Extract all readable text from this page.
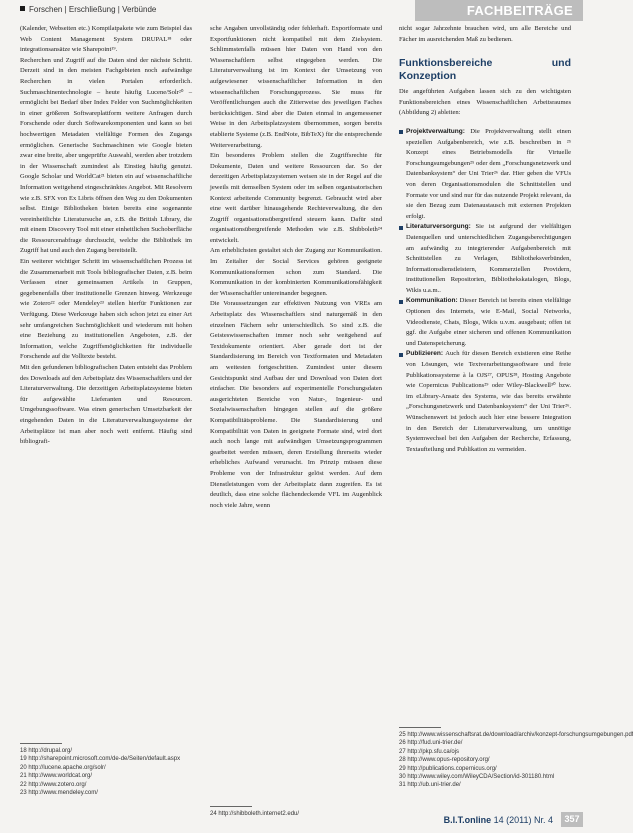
Forschen | Erschließung | Verbünde	FACHBEITRÄGE

(Kalender, Webseiten etc.) Kompilatpakete wie zum Beispiel das Web Content Management System DRUPAL¹⁸ oder integrationsansätze wie Sharepoint¹⁹.

Recherchen und Zugriff auf die Daten sind der nächste Schritt. Derzeit sind in den meisten Fachgebieten noch aufwändige Recherchen in vielen Portalen erforderlich. Suchmaschinentechnologie – heute häufig Lucene/Solr²⁰ – ermöglicht bei Bedarf über Index Felder von Suchmöglichkeiten in einer größeren Softwareplattform weitere Anfragen durch Forschende oder durch Softwarekomponenten und kann so bei hochwertigen Metadaten vielfältige Formen des Zugangs ermöglichen. Generische Suchmaschinen wie Google bieten zwar eine breite, aber ungeprüfte Auswahl, werden aber trotzdem in der Wissenschaft zumindest als Einstieg häufig genutzt. Google Scholar und WorldCat²¹ bieten ein auf wissenschaftliche Information weitgehend eingeschränktes Angebot. Mit Resolvern wie z.B. SFX von Ex Libris öffnen den Weg zu den Dokumenten selbst. Einige Bibliotheken bieten bereits eine sogenannte vereinheitlichte Literatursuche an, z.B. die British Library, die mit einem Discovery Tool mit einer einheitlichen Suchoberfläche die Ressourcenabfrage durchsucht, welche die Bibliothek im Zugriff hat und auch den Zugang bereitstellt.

Ein weiterer wichtiger Schritt im wissenschaftlichen Prozess ist die Zusammenarbeit mit Tools bibliografischer Daten, z.B. beim Verfassen einer gemeinsamen Artikels in Gruppen, gegebenenfalls über institutionelle Grenzen hinweg. Werkzeuge wie Zotero²² oder Mendeley²³ stellen hierfür Funktionen zur Verfügung. Diese Werkzeuge haben sich schon jetzt zu einer Art sehr umfangreichen Suchmöglichkeit und wiederum mit hohen eine Beziehung zu institutionellen Angeboten, z.B. der Information, welche Zugriffsmöglichkeiten für individuelle Forschende auf die Volltexte besteht.

Mit den gefundenen bibliografischen Daten entsteht das Problem des Downloads auf den Arbeitsplatz des Wissenschaftlers und der Literaturverwaltung. Die derzeitigen Arbeitsplatzsysteme bieten für aufgewählte Lieferanten und Resourcen. Umgebungssoftware. Was einen generischen Umsetzbarkeit der eingehenden Daten in die Literaturverwaltungssysteme der Arbeitsplätze ist man aber noch weit entfernt. Häufig sind bibliografi-

sche Angaben unvollständig oder fehlerhaft. Exportformate und Exportfunktionen nicht kompatibel mit dem Zielsystem. Schlimmstenfalls müssen hier Daten von Hand von den Wissenschaftlern selbst eingegeben werden. Die Literaturverwaltung ist im Kontext der Umsetzung von aufgewiesener wissenschaftlicher Information in den wissenschaftlichen Forschungsprozess. Sie muss für Veröffentlichungen auch die Zitierweise des jeweiligen Faches berücksichtigen. Sind aber die Daten einmal in angemessener Weise in den Arbeitsplatzsystem übernommen, sorgen bereits etablierte Systeme (z.B. EndNote, BibTeX) für die entsprechende Weiterverarbeitung.

Ein besonderes Problem stellen die Zugriffsrechte für Dokumente, Daten und weitere Ressourcen dar. So der derzeitigen Arbeitsplatzsystemen weisen sie in der Regel auf die jeweils mit demselben System oder im selben organisatorischen Kontext arbeitende Community begrenzt. Gebraucht wird aber eine weit darüber hinausgehende Rechteverwaltung, die den Zugriff organisationsübergreifend steuern kann. Dafür sind organisationsübergreifende Methoden wie z.B. Shibboleth²⁴ entwickelt.

Am erheblichsten gestaltet sich der Zugang zur Kommunikation. Im Zeitalter der Social Services gehören geeignete Kommunikationsformen schon zum Standard. Die Kommunikation in der kombinierten Kommunikationsfähigkeit der Wissenschaftler untereinander begegnen.

Die Voraussetzungen zur effektiven Nutzung von VREs am Arbeitsplatz des Wissenschaftlers sind naturgemäß in den einzelnen Fächern sehr unterschiedlich. So sind z.B. die Geisteswissenschaften immer noch sehr weitgehend auf Textdokumente orientiert. Aber gerade dort ist der Standardisierung im Bereich von Textformaten und Metadaten am weitesten fortgeschritten. Zumindest unter diesem Gesichtspunkt sind Aufbau der und Download von Daten dort einfacher. Die besonders auf experimentelle Forschungsdaten ausgerichteten Bereiche von Natur-, Ingenieur- und Sozialwissenschaften hingegen stellen auf die größere Kompatibilitätsprobleme. Die Standardisierung und Kompatibilität von Daten in geeignete Formate sind, wird dort auch noch lange mit aufwändigen Umsetzungsprogrammen gearbeitet werden müssen, deren Erstellung ihrerseits wieder erhebliches Aufwand verursacht. Im Prinzip müssen diese Probleme von der Infrastruktur gelöst werden. Auf dem Dienstleistungen vom der Arbeitsplatz dann zugreifen. Es ist deutlich, dass eine solche flächendeckende VFL im Augenblick noch viele Jahre, wenn

nicht sogar Jahrzehnte brauchen wird, um alle Bereiche und Fächer im ausreichenden Maß zu bedienen.

Funktionsbereiche und Konzeption

Die angeführten Aufgaben lassen sich zu den wichtigsten Funktionsbereichen eines Wissenschaftlichen Arbeitsraumes (Abbildung 2) ableiten:

Projektverwaltung: Die Projektverwaltung stellt einen speziellen Aufgabenbereich, wie z.B. beschreiben in ²⁵ Konzept eines Betriebsmodells für Virtuelle Forschungsumgebungen²⁵ oder dem „Forschungsnetzwerk und Datenbanksystem“ der Uni Trier²⁶ dar. Hier geben die VFUs von deren Organisationsmodulen die Schnittstellen und Formate vor und sind nur für das nutzende Projekt relevant, da sie den Bezug zum Datenaustausch mit externen Projekten erfolgt.
Literaturversorgung: Sie ist aufgrund der vielfältigen Datenquellen und unterschiedlichen Zugangsberechtigungen am aufwändig zu integrierender Aufgabenbereich mit Schnittstellen zu Verlagen, Bibliotheksverbünden, Informationsdienstleistern, Kommerziellen Providern, institutionellen Repositorien, Bibliothekskatalogen, Blogs, Wikis u.a.m..
Kommunikation: Dieser Bereich ist bereits einen vielfältige Optionen des Internets, wie E-Mail, Social Networks, Videodienste, Chats, Blogs, Wikis u.v.m. ausgebaut; offen ist ggf. die Aufgabe einer sicheren und offenen Kommunikation und Datenspeicherung.
Publizieren: Auch für diesen Bereich existieren eine Reihe von Lösungen, wie Textverarbeitungssoftware und freie Publikationssysteme à la OJS²⁷, OPUS²⁸, Hosting Angebote wie Copernicus Publications²⁹ oder Wiley-Blackwell³⁰ bzw. im eLibrary-Ansatz des Systems, wie das bereits erwähnte „Forschungsnetzwerk und Datenbanksystem“ der Uni Trier²⁶. Wünschenswert ist jedoch auch hier eine bessere Integration in den Bereich der Literaturverwaltung, um unnötige Systemwechsel bei den Aufgaben der Recherche, Erfassung, Textaufteilung und Publikation zu vermeiden.
18 http://drupal.org/
19 http://sharepoint.microsoft.com/de-de/Seiten/default.aspx
20 http://lucene.apache.org/solr/
21 http://www.worldcat.org/
22 http://www.zotero.org/
23 http://www.mendeley.com/
24 http://shibboleth.internet2.edu/
25 http://www.wissenschaftsrat.de/download/archiv/konzept-forschungsumgebungen.pdf
26 http://fud.uni-trier.de/
27 http://pkp.sfu.ca/ojs
28 http://www.opus-repository.org/
29 http://publications.copernicus.org/
30 http://www.wiley.com/WileyCDA/Section/id-301180.html
31 http://ub.uni-trier.de/
B.I.T.online 14 (2011) Nr. 4	357
